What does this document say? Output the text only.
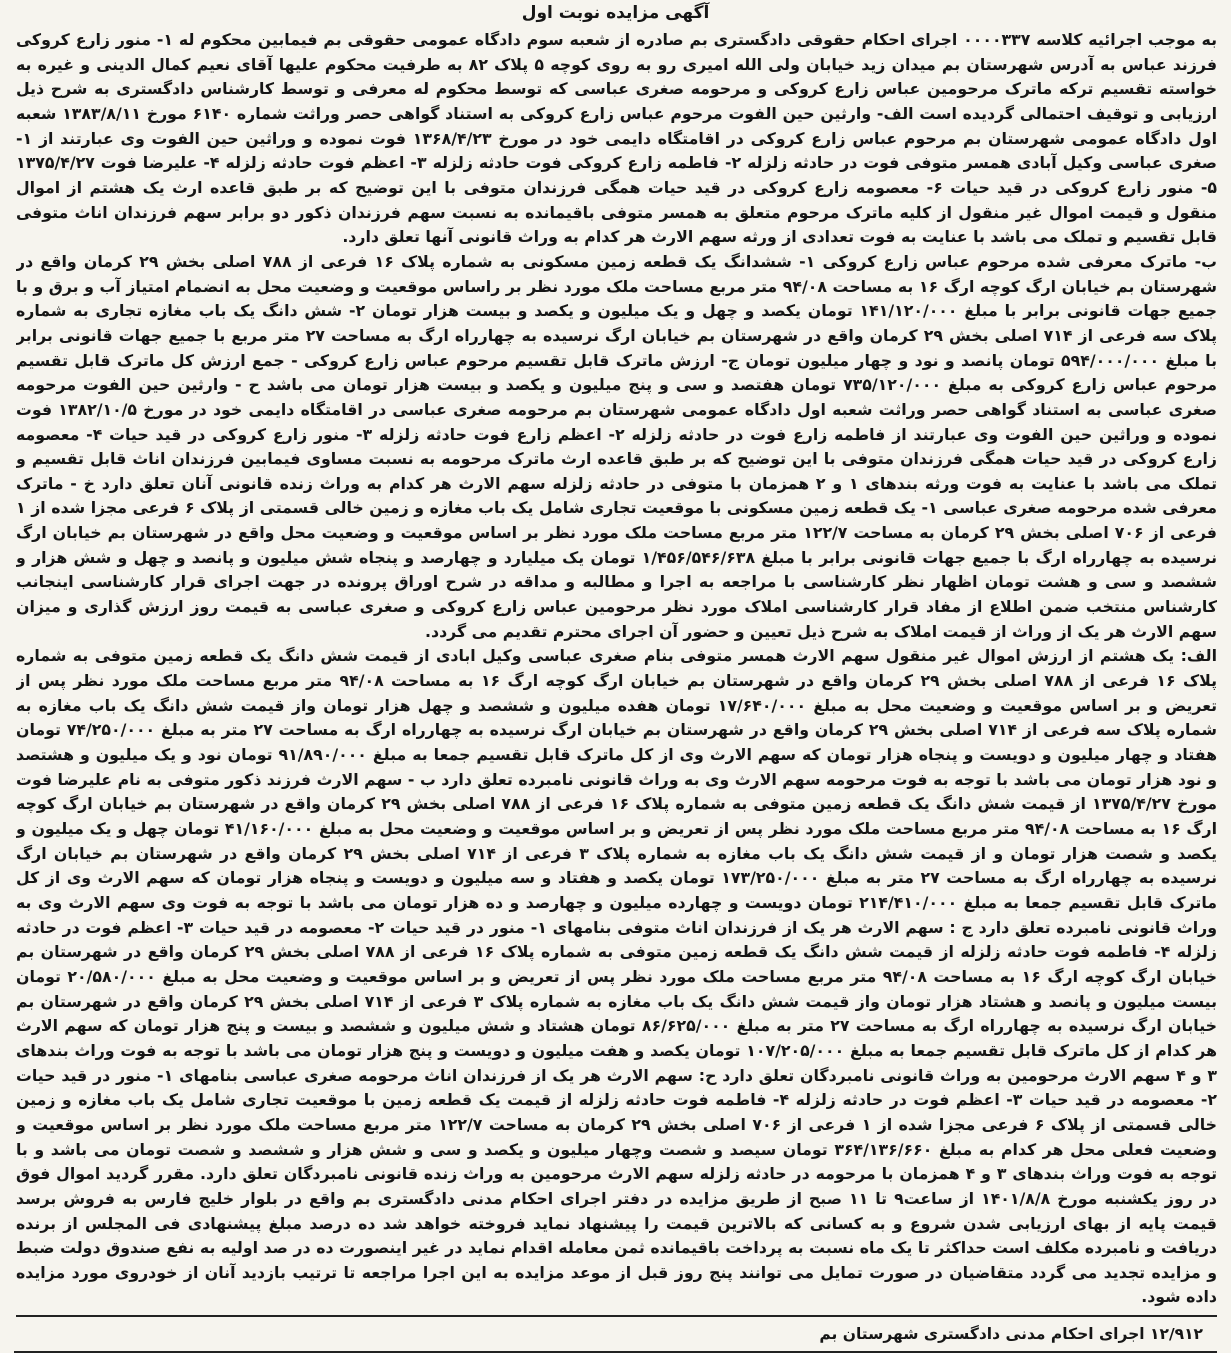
آگهی مزایده نوبت اول

به موجب اجرائیه کلاسه ۰۰۰۰۳۳۷ اجرای احکام حقوقی دادگستری بم صادره از شعبه سوم دادگاه عمومی حقوقی بم فیمابین محکوم له ۱- منور زارع کروکی فرزند عباس به آدرس شهرستان بم میدان زید خیابان ولی الله امیری رو به روی کوچه ۵ پلاک ۸۲ به طرفیت محکوم علیها آقای نعیم کمال الدینی و غیره به خواسته تقسیم ترکه ماترک مرحومین عباس زارع کروکی و مرحومه صغری عباسی که توسط محکوم له معرفی و توسط کارشناس دادگستری به شرح ذیل ارزیابی و توقیف احتمالی گردیده است الف- وارثین حین الفوت مرحوم عباس زارع کروکی به استناد گواهی حصر وراثت شماره ۶۱۴۰ مورخ ۱۳۸۳/۸/۱۱ شعبه اول دادگاه عمومی شهرستان بم مرحوم عباس زارع کروکی در اقامتگاه دایمی خود در مورخ ۱۳۶۸/۴/۲۳ فوت نموده و وراثین حین الفوت وی عبارتند از ۱- صغری عباسی وکیل آبادی همسر متوفی فوت در حادثه زلزله ۲- فاطمه زارع کروکی فوت حادثه زلزله ۳- اعظم فوت حادثه زلزله ۴- علیرضا فوت ۱۳۷۵/۴/۲۷ ۵- منور زارع کروکی در قید حیات ۶- معصومه زارع کروکی در قید حیات همگی فرزندان متوفی با این توضیح که بر طبق قاعده ارث یک هشتم از اموال منقول و قیمت اموال غیر منقول از کلیه ماترک مرحوم متعلق به همسر متوفی باقیمانده به نسبت سهم فرزندان ذکور دو برابر سهم فرزندان اناث متوفی قابل تقسیم و تملک می باشد با عنایت به فوت تعدادی از ورثه سهم الارث هر کدام به وراث قانونی آنها تعلق دارد.

ب- ماترک معرفی شده مرحوم عباس زارع کروکی ۱- ششدانگ یک قطعه زمین مسکونی به شماره پلاک ۱۶ فرعی از ۷۸۸ اصلی بخش ۲۹ کرمان واقع در شهرستان بم خیابان ارگ کوچه ارگ ۱۶ به مساحت ۹۴/۰۸ متر مربع مساحت ملک مورد نظر بر راساس موقعیت و وضعیت محل به انضمام امتیاز آب و برق و با جمیع جهات قانونی برابر با مبلغ ۱۴۱/۱۲۰/۰۰۰ تومان یکصد و چهل و یک میلیون و یکصد و بیست هزار تومان ۲- شش دانگ یک باب مغازه تجاری به شماره پلاک سه فرعی از ۷۱۴ اصلی بخش ۲۹ کرمان واقع در شهرستان بم خیابان ارگ نرسیده به چهارراه ارگ به مساحت ۲۷ متر مربع با جمیع جهات قانونی برابر با مبلغ ۵۹۴/۰۰۰/۰۰۰ تومان پانصد و نود و چهار میلیون تومان ج- ارزش ماترک قابل تقسیم مرحوم عباس زارع کروکی - جمع ارزش کل ماترک قابل تقسیم مرحوم عباس زارع کروکی به مبلغ ۷۳۵/۱۲۰/۰۰۰ تومان هفتصد و سی و پنج میلیون و یکصد و بیست هزار تومان می باشد ح - وارثین حین الفوت مرحومه صغری عباسی به استناد گواهی حصر وراثت شعبه اول دادگاه عمومی شهرستان بم مرحومه صغری عباسی در اقامتگاه دایمی خود در مورخ ۱۳۸۲/۱۰/۵ فوت نموده و وراثین حین الفوت وی عبارتند از فاطمه زارع فوت در حادثه زلزله ۲- اعظم زارع فوت حادثه زلزله ۳- منور زارع کروکی در قید حیات ۴- معصومه زارع کروکی در قید حیات همگی فرزندان متوفی با این توضیح که بر طبق قاعده ارث ماترک مرحومه به نسبت مساوی فیمابین فرزندان اناث قابل تقسیم و تملک می باشد با عنایت به فوت ورثه بندهای ۱ و ۲ همزمان با متوفی در حادثه زلزله سهم الارث هر کدام به وراث زنده قانونی آنان تعلق دارد خ - ماترک معرفی شده مرحومه صغری عباسی ۱- یک قطعه زمین مسکونی با موقعیت تجاری شامل یک باب مغازه و زمین خالی قسمتی از پلاک ۶ فرعی مجزا شده از ۱ فرعی از ۷۰۶ اصلی بخش ۲۹ کرمان به مساحت ۱۲۲/۷ متر مربع مساحت ملک مورد نظر بر اساس موقعیت و وضعیت محل واقع در شهرستان بم خیابان ارگ نرسیده به چهارراه ارگ با جمیع جهات قانونی برابر با مبلغ ۱/۴۵۶/۵۴۶/۶۳۸ تومان یک میلیارد و چهارصد و پنجاه شش میلیون و پانصد و چهل و شش هزار و ششصد و سی و هشت تومان اظهار نظر کارشناسی با مراجعه به اجرا و مطالبه و مداقه در شرح اوراق پرونده در جهت اجرای قرار کارشناسی اینجانب کارشناس منتخب ضمن اطلاع از مفاد قرار کارشناسی املاک مورد نظر مرحومین عباس زارع کروکی و صغری عباسی به قیمت روز ارزش گذاری و میزان سهم الارث هر یک از وراث از قیمت املاک به شرح ذیل تعیین و حضور آن اجرای محترم تقدیم می گردد.

الف: یک هشتم از ارزش اموال غیر منقول سهم الارث همسر متوفی بنام صغری عباسی وکیل ابادی از قیمت شش دانگ یک قطعه زمین متوفی به شماره پلاک ۱۶ فرعی از ۷۸۸ اصلی بخش ۲۹ کرمان واقع در شهرستان بم خیابان ارگ کوچه ارگ ۱۶ به مساحت ۹۴/۰۸ متر مربع مساحت ملک مورد نظر پس از تعریض و بر اساس موقعیت و وضعیت محل به مبلغ ۱۷/۶۴۰/۰۰۰ تومان هفده میلیون و ششصد و چهل هزار تومان واز قیمت شش دانگ یک باب مغازه به شماره پلاک سه فرعی از ۷۱۴ اصلی بخش ۲۹ کرمان واقع در شهرستان بم خیابان ارگ نرسیده به چهارراه ارگ به مساحت ۲۷ متر به مبلغ ۷۴/۲۵۰/۰۰۰ تومان هفتاد و چهار میلیون و دویست و پنجاه هزار تومان که سهم الارث وی از کل ماترک قابل تقسیم جمعا به مبلغ ۹۱/۸۹۰/۰۰۰ تومان نود و یک میلیون و هشتصد و نود هزار تومان می باشد با توجه به فوت مرحومه سهم الارث وی به وراث قانونی نامبرده تعلق دارد ب - سهم الارث فرزند ذکور متوفی به نام علیرضا فوت مورخ ۱۳۷۵/۴/۲۷ از قیمت شش دانگ یک قطعه زمین متوفی به شماره پلاک ۱۶ فرعی از ۷۸۸ اصلی بخش ۲۹ کرمان واقع در شهرستان بم خیابان ارگ کوچه ارگ ۱۶ به مساحت ۹۴/۰۸ متر مربع مساحت ملک مورد نظر پس از تعریض و بر اساس موقعیت و وضعیت محل به مبلغ ۴۱/۱۶۰/۰۰۰ تومان چهل و یک میلیون و یکصد و شصت هزار تومان و از قیمت شش دانگ یک باب مغازه به شماره پلاک ۳ فرعی از ۷۱۴ اصلی بخش ۲۹ کرمان واقع در شهرستان بم خیابان ارگ نرسیده به چهارراه ارگ به مساحت ۲۷ متر به مبلغ ۱۷۳/۲۵۰/۰۰۰ تومان یکصد و هفتاد و سه میلیون و دویست و پنجاه هزار تومان که سهم الارث وی از کل ماترک قابل تقسیم جمعا به مبلغ ۲۱۴/۴۱۰/۰۰۰ تومان دویست و چهارده میلیون و چهارصد و ده هزار تومان می باشد با توجه به فوت وی سهم الارث وی به وراث قانونی نامبرده تعلق دارد ج : سهم الارث هر یک از فرزندان اناث متوفی بنامهای ۱- منور در قید حیات ۲- معصومه در قید حیات ۳- اعظم فوت در حادثه زلزله ۴- فاطمه فوت حادثه زلزله از قیمت شش دانگ یک قطعه زمین متوفی به شماره پلاک ۱۶ فرعی از ۷۸۸ اصلی بخش ۲۹ کرمان واقع در شهرستان بم خیابان ارگ کوچه ارگ ۱۶ به مساحت ۹۴/۰۸ متر مربع مساحت ملک مورد نظر پس از تعریض و بر اساس موقعیت و وضعیت محل به مبلغ ۲۰/۵۸۰/۰۰۰ تومان بیست میلیون و پانصد و هشتاد هزار تومان واز قیمت شش دانگ یک باب مغازه به شماره پلاک ۳ فرعی از ۷۱۴ اصلی بخش ۲۹ کرمان واقع در شهرستان بم خیابان ارگ نرسیده به چهارراه ارگ به مساحت ۲۷ متر به مبلغ ۸۶/۶۲۵/۰۰۰ تومان هشتاد و شش میلیون و ششصد و بیست و پنج هزار تومان که سهم الارث هر کدام از کل ماترک قابل تقسیم جمعا به مبلغ ۱۰۷/۲۰۵/۰۰۰ تومان یکصد و هفت میلیون و دویست و پنج هزار تومان می باشد با توجه به فوت وراث بندهای ۳ و ۴ سهم الارث مرحومین به وراث قانونی نامبردگان تعلق دارد ح: سهم الارث هر یک از فرزندان اناث مرحومه صغری عباسی بنامهای ۱- منور در قید حیات ۲- معصومه در قید حیات ۳- اعظم فوت در حادثه زلزله ۴- فاطمه فوت حادثه زلزله از قیمت یک قطعه زمین با موقعیت تجاری شامل یک باب مغازه و زمین خالی قسمتی از پلاک ۶ فرعی مجزا شده از ۱ فرعی از ۷۰۶ اصلی بخش ۲۹ کرمان به مساحت ۱۲۲/۷ متر مربع مساحت ملک مورد نظر بر اساس موقعیت و وضعیت فعلی محل هر کدام به مبلغ ۳۶۴/۱۳۶/۶۶۰ تومان سیصد و شصت وچهار میلیون و یکصد و سی و شش هزار و ششصد و شصت تومان می باشد و با توجه به فوت وراث بندهای ۳ و ۴ همزمان با مرحومه در حادثه زلزله سهم الارث مرحومین به وراث زنده قانونی نامبردگان تعلق دارد. مقرر گردید اموال فوق در روز یکشنبه مورخ ۱۴۰۱/۸/۸ از ساعت۹ تا ۱۱ صبح از طریق مزایده در دفتر اجرای احکام مدنی دادگستری بم واقع در بلوار خلیج فارس به فروش برسد قیمت پایه از بهای ارزیابی شدن شروع و به کسانی که بالاترین قیمت را پیشنهاد نماید فروخته خواهد شد ده درصد مبلغ پیشنهادی فی المجلس از برنده دریافت و نامبرده مکلف است حداکثر تا یک ماه نسبت به پرداخت باقیمانده ثمن معامله اقدام نماید در غیر اینصورت ده در صد اولیه به نفع صندوق دولت ضبط و مزایده تجدید می گردد متقاضیان در صورت تمایل می توانند پنج روز قبل از موعد مزایده به این اجرا مراجعه تا ترتیب بازدید آنان از خودروی مورد مزایده داده شود.

۱۲/۹۱۲ اجرای احکام مدنی دادگستری شهرستان بم
